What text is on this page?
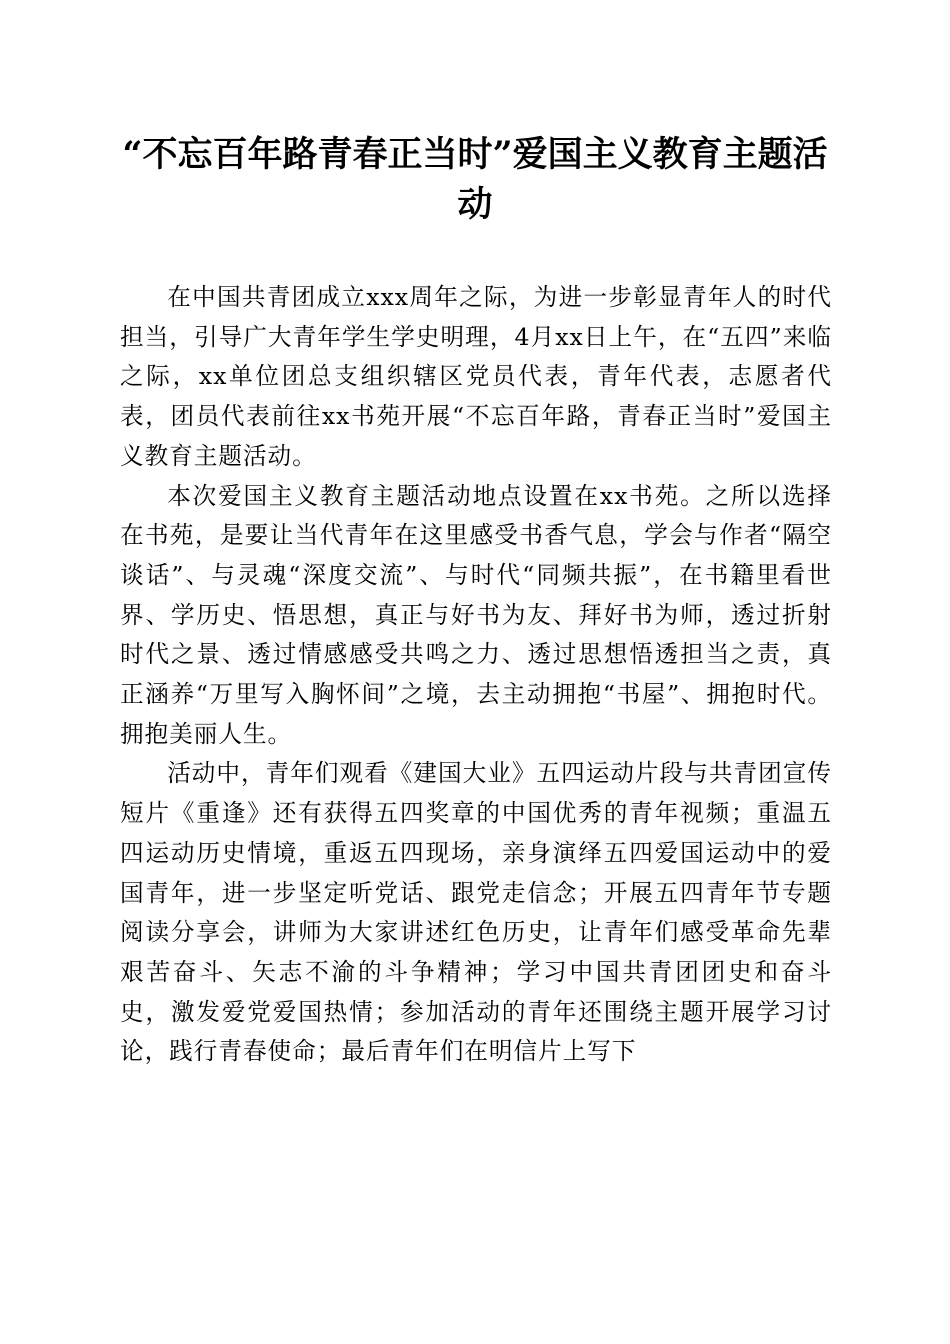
“不忘百年路青春正当时”爱国主义教育主题活动

在中国共青团成立xxx周年之际，为进一步彰显青年人的时代担当，引导广大青年学生学史明理，4月xx日上午，在“五四”来临之际，xx单位团总支组织辖区党员代表，青年代表，志愿者代表，团员代表前往xx书苑开展“不忘百年路，青春正当时”爱国主义教育主题活动。

本次爱国主义教育主题活动地点设置在xx书苑。之所以选择在书苑，是要让当代青年在这里感受书香气息，学会与作者“隔空谈话”、与灵魂“深度交流”、与时代“同频共振”，在书籍里看世界、学历史、悟思想，真正与好书为友、拜好书为师，透过折射时代之景、透过情感感受共鸣之力、透过思想悟透担当之责，真正涵养“万里写入胸怀间”之境，去主动拥抱“书屋”、拥抱时代。拥抱美丽人生。

活动中，青年们观看《建国大业》五四运动片段与共青团宣传短片《重逢》还有获得五四奖章的中国优秀的青年视频；重温五四运动历史情境，重返五四现场，亲身演绎五四爱国运动中的爱国青年，进一步坚定听党话、跟党走信念；开展五四青年节专题阅读分享会，讲师为大家讲述红色历史，让青年们感受革命先辈艰苦奋斗、矢志不渝的斗争精神；学习中国共青团团史和奋斗史，激发爱党爱国热情；参加活动的青年还围绕主题开展学习讨论，践行青春使命；最后青年们在明信片上写下
